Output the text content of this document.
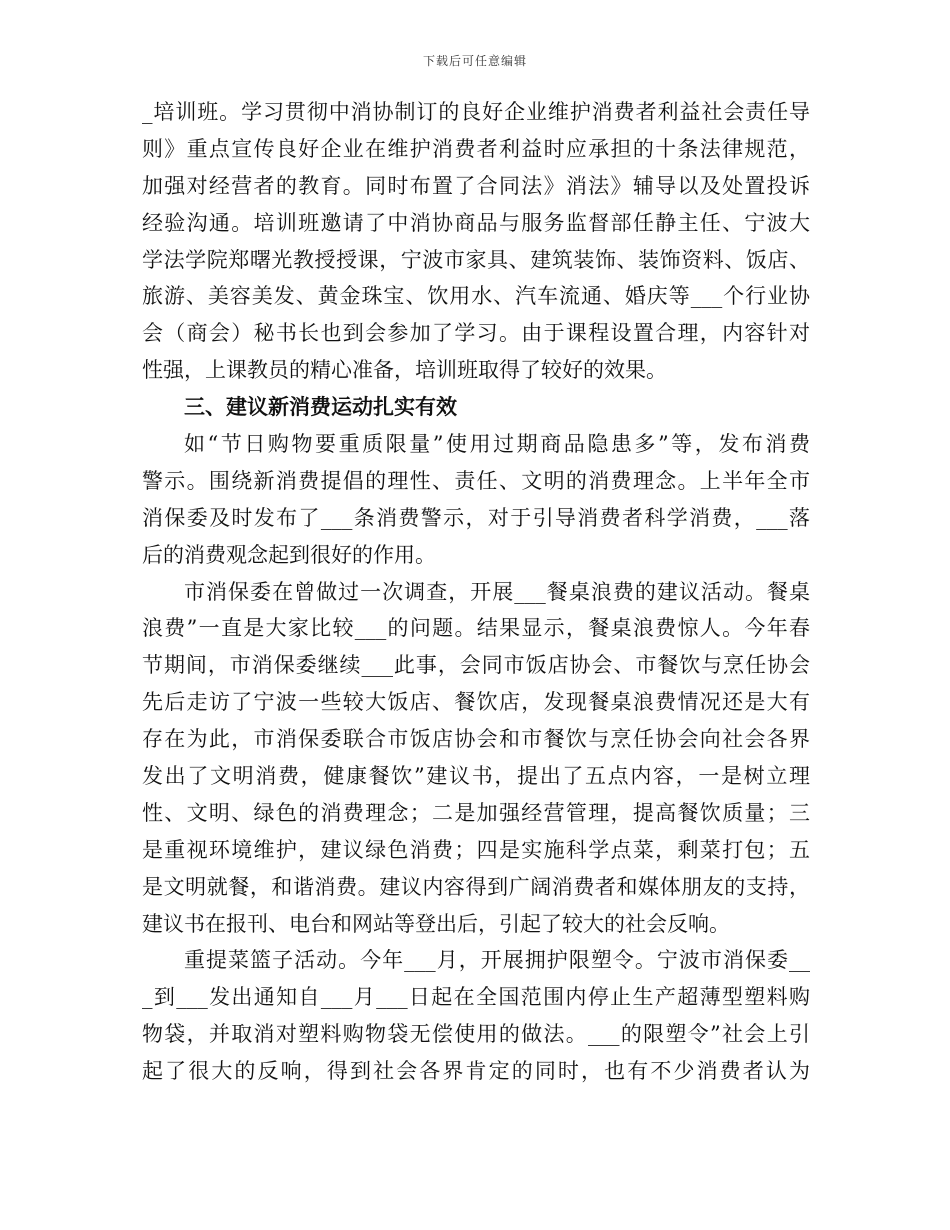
下载后可任意编辑
_培训班。学习贯彻中消协制订的良好企业维护消费者利益社会责任导
则》重点宣传良好企业在维护消费者利益时应承担的十条法律规范，
加强对经营者的教育。同时布置了合同法》消法》辅导以及处置投诉
经验沟通。培训班邀请了中消协商品与服务监督部任静主任、宁波大
学法学院郑曙光教授授课，宁波市家具、建筑装饰、装饰资料、饭店、
旅游、美容美发、黄金珠宝、饮用水、汽车流通、婚庆等___个行业协
会（商会）秘书长也到会参加了学习。由于课程设置合理，内容针对
性强，上课教员的精心准备，培训班取得了较好的效果。
三、建议新消费运动扎实有效
如“节日购物要重质限量”使用过期商品隐患多”等，发布消费
警示。围绕新消费提倡的理性、责任、文明的消费理念。上半年全市
消保委及时发布了___条消费警示，对于引导消费者科学消费，___落
后的消费观念起到很好的作用。
市消保委在曾做过一次调查，开展___餐桌浪费的建议活动。餐桌
浪费”一直是大家比较___的问题。结果显示，餐桌浪费惊人。今年春
节期间，市消保委继续___此事，会同市饭店协会、市餐饮与烹任协会
先后走访了宁波一些较大饭店、餐饮店，发现餐桌浪费情况还是大有
存在为此，市消保委联合市饭店协会和市餐饮与烹任协会向社会各界
发出了文明消费，健康餐饮”建议书，提出了五点内容，一是树立理
性、文明、绿色的消费理念；二是加强经营管理，提高餐饮质量；三
是重视环境维护，建议绿色消费；四是实施科学点菜，剩菜打包；五
是文明就餐，和谐消费。建议内容得到广阔消费者和媒体朋友的支持，
建议书在报刊、电台和网站等登出后，引起了较大的社会反响。
重提菜篮子活动。今年___月，开展拥护限塑令。宁波市消保委__
_到___发出通知自___月___日起在全国范围内停止生产超薄型塑料购
物袋，并取消对塑料购物袋无偿使用的做法。___的限塑令”社会上引
起了很大的反响，得到社会各界肯定的同时，也有不少消费者认为
